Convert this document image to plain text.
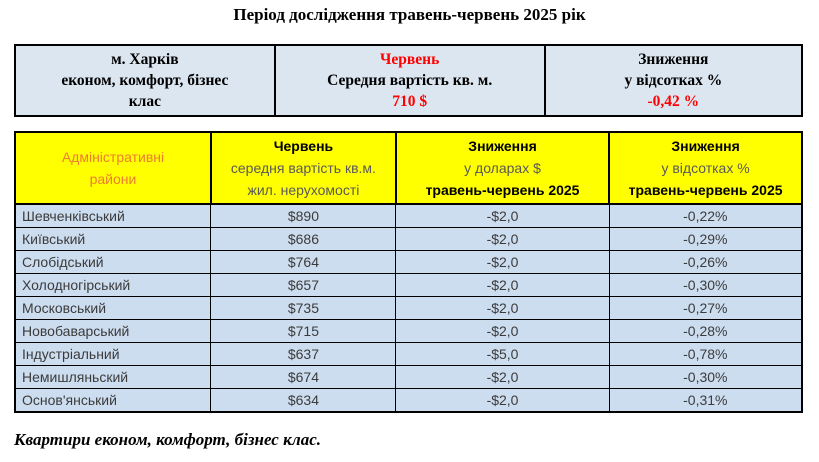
Період дослідження травень-червень 2025 рік
м. Харків
економ, комфорт, бізнес
клас

Червень
Середня вартість кв. м.
710 $

Зниження
у відсотках %
-0,42 %
Адміністративні
райони

Червень
середня вартість кв.м.
жил. нерухомості

Зниження
у доларах $
травень-червень 2025

Зниження
у відсотках %
травень-червень 2025

Шевченківський	$890	-$2,0	-0,22%
Київський	$686	-$2,0	-0,29%
Слобідський	$764	-$2,0	-0,26%
Холодногірський	$657	-$2,0	-0,30%
Московський	$735	-$2,0	-0,27%
Новобаварський	$715	-$2,0	-0,28%
Індустріальний	$637	-$5,0	-0,78%
Немишляньский	$674	-$2,0	-0,30%
Основ'янський	$634	-$2,0	-0,31%
Квартири економ, комфорт, бізнес клас.
